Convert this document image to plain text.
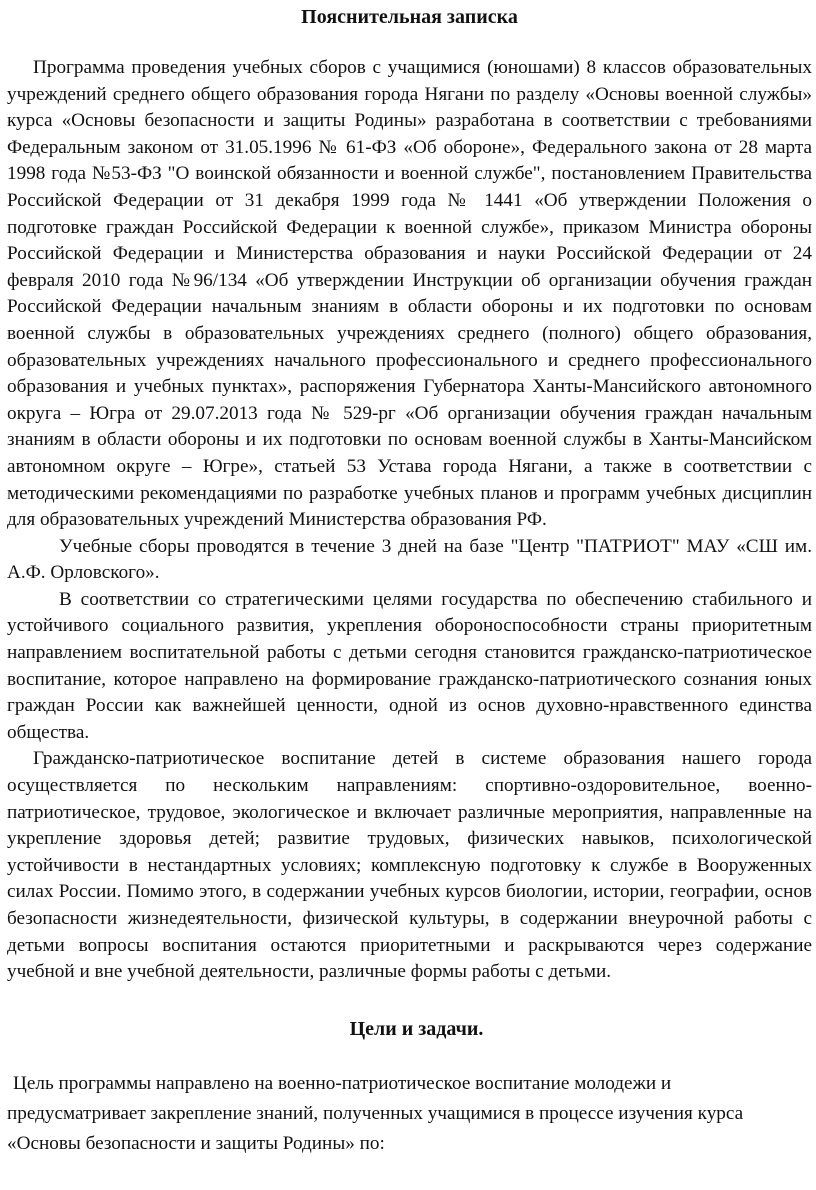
Пояснительная записка

Программа проведения учебных сборов с учащимися (юношами) 8 классов образовательных учреждений среднего общего образования города Нягани по разделу «Основы военной службы» курса «Основы безопасности и защиты Родины» разработана в соответствии с требованиями Федеральным законом от 31.05.1996 № 61-ФЗ «Об обороне», Федерального закона от 28 марта 1998 года №53-ФЗ "О воинской обязанности и военной службе", постановлением Правительства Российской Федерации от 31 декабря 1999 года № 1441 «Об утверждении Положения о подготовке граждан Российской Федерации к военной службе», приказом Министра обороны Российской Федерации и Министерства образования и науки Российской Федерации от 24 февраля 2010 года №96/134 «Об утверждении Инструкции об организации обучения граждан Российской Федерации начальным знаниям в области обороны и их подготовки по основам военной службы в образовательных учреждениях среднего (полного) общего образования, образовательных учреждениях начального профессионального и среднего профессионального образования и учебных пунктах», распоряжения Губернатора Ханты-Мансийского автономного округа – Югра от 29.07.2013 года № 529-рг «Об организации обучения граждан начальным знаниям в области обороны и их подготовки по основам военной службы в Ханты-Мансийском автономном округе – Югре», статьей 53 Устава города Нягани, а также в соответствии с методическими рекомендациями по разработке учебных планов и программ учебных дисциплин для образовательных учреждений Министерства образования РФ.

Учебные сборы проводятся в течение 3 дней на базе "Центр "ПАТРИОТ" МАУ «СШ им. А.Ф. Орловского».

В соответствии со стратегическими целями государства по обеспечению стабильного и устойчивого социального развития, укрепления обороноспособности страны приоритетным направлением воспитательной работы с детьми сегодня становится гражданско-патриотическое воспитание, которое направлено на формирование гражданско-патриотического сознания юных граждан России как важнейшей ценности, одной из основ духовно-нравственного единства общества.

Гражданско-патриотическое воспитание детей в системе образования нашего города осуществляется по нескольким направлениям: спортивно-оздоровительное, военно-патриотическое, трудовое, экологическое и включает различные мероприятия, направленные на укрепление здоровья детей; развитие трудовых, физических навыков, психологической устойчивости в нестандартных условиях; комплексную подготовку к службе в Вооруженных силах России. Помимо этого, в содержании учебных курсов биологии, истории, географии, основ безопасности жизнедеятельности, физической культуры, в содержании внеурочной работы с детьми вопросы воспитания остаются приоритетными и раскрываются через содержание учебной и вне учебной деятельности, различные формы работы с детьми.

Цели и задачи.

Цель программы направлено на военно-патриотическое воспитание молодежи и предусматривает закрепление знаний, полученных учащимися в процессе изучения курса «Основы безопасности и защиты Родины» по:
